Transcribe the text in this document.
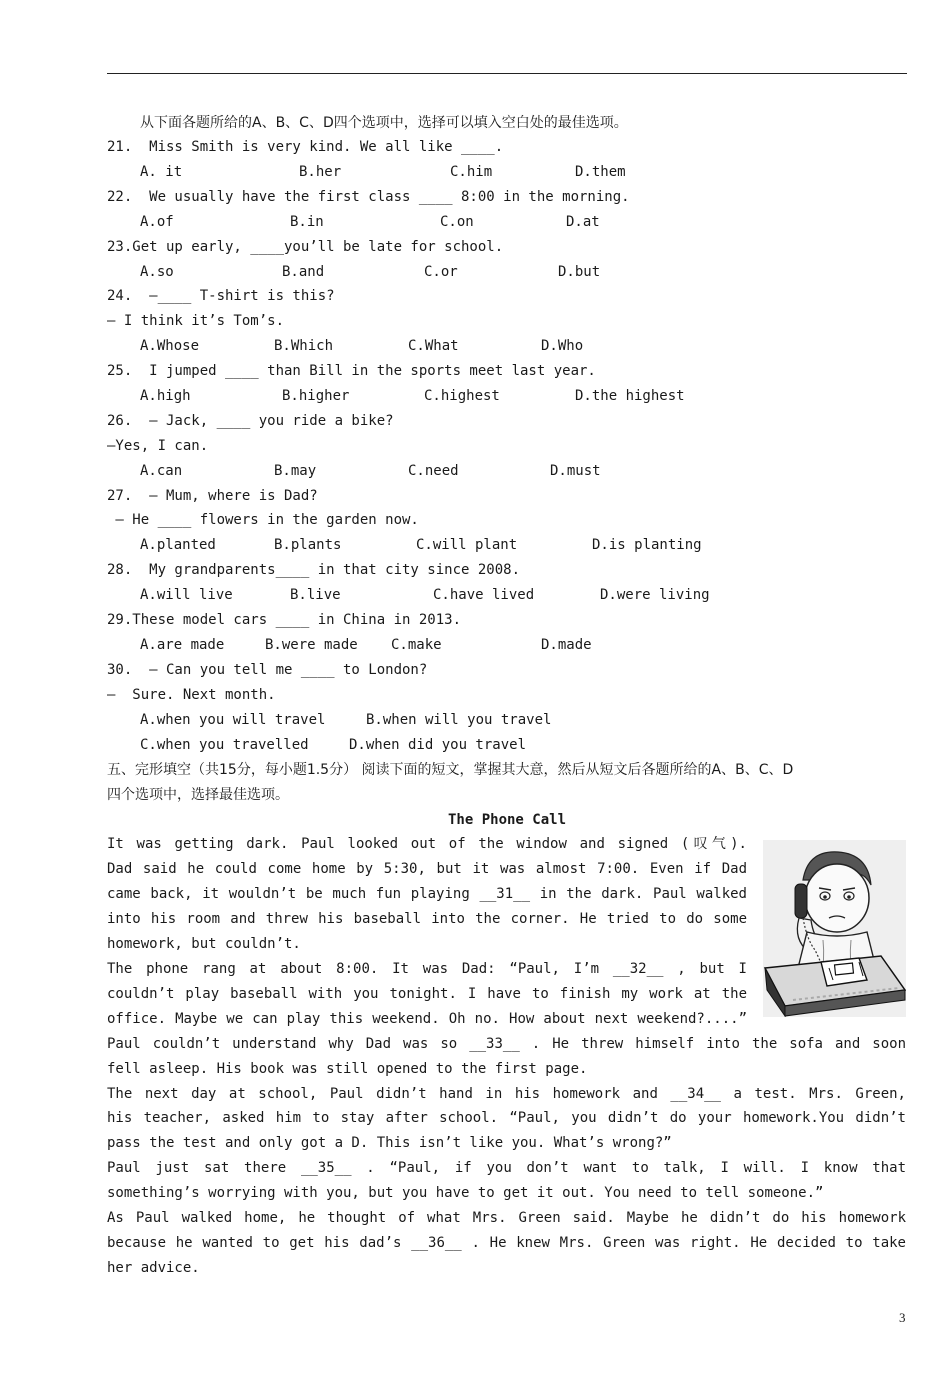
从下面各题所给的A、B、C、D四个选项中，选择可以填入空白处的最佳选项。
21.  Miss Smith is very kind. We all like ____.
A. it	B.her	C.him	D.them
22.  We usually have the first class ____ 8:00 in the morning.
A.of	B.in	C.on	D.at
23.Get up early, ____you’ll be late for school.
A.so	B.and	C.or	D.but
24.  —____ T-shirt is this?
— I think it’s Tom’s.
A.Whose	B.Which	C.What	D.Who
25.  I jumped ____ than Bill in the sports meet last year.
A.high	B.higher	C.highest	D.the highest
26.  – Jack, ____ you ride a bike?
–Yes, I can.
A.can	B.may	C.need	D.must
27.  – Mum, where is Dad?
– He ____ flowers in the garden now.
A.planted	B.plants	C.will plant	D.is planting
28.  My grandparents____ in that city since 2008.
A.will live	B.live	C.have lived	D.were living
29.These model cars ____ in China in 2013.
A.are made	B.were made C.make	D.made
30.  – Can you tell me ____ to London?
–  Sure. Next month.
A.when you will travel	B.when will you travel
C.when you travelled	D.when did you travel
五、完形填空（共15分，每小题1.5分） 阅读下面的短文，掌握其大意，然后从短文后各题所给的A、B、C、D
四个选项中，选择最佳选项。
The Phone Call
It was getting dark. Paul looked out of the window and signed (叹气).
Dad said he could come home by 5:30, but it was almost 7:00. Even if Dad
came back, it wouldn’t be much fun playing __31__ in the dark. Paul walked
into his room and threw his baseball into the corner. He tried to do some
homework, but couldn’t.
The phone rang at about 8:00. It was Dad: “Paul, I’m __32__ , but I
couldn’t play baseball with you tonight. I have to finish my work at the
office. Maybe we can play this weekend. Oh no. How about next weekend?....”
Paul couldn’t understand why Dad was so __33__ . He threw himself into the sofa and soon
fell asleep. His book was still opened to the first page.
The next day at school, Paul didn’t hand in his homework and __34__ a test. Mrs. Green,
his teacher, asked him to stay after school. “Paul, you didn’t do your homework.You didn’t
pass the test and only got a D. This isn’t like you. What’s wrong?”
Paul just sat there __35__ . “Paul, if you don’t want to talk, I will. I know that
something’s worrying with you, but you have to get it out. You need to tell someone.”
As Paul walked home, he thought of what Mrs. Green said. Maybe he didn’t do his homework
because he wanted to get his dad’s __36__ . He knew Mrs. Green was right. He decided to take
her advice.
3
